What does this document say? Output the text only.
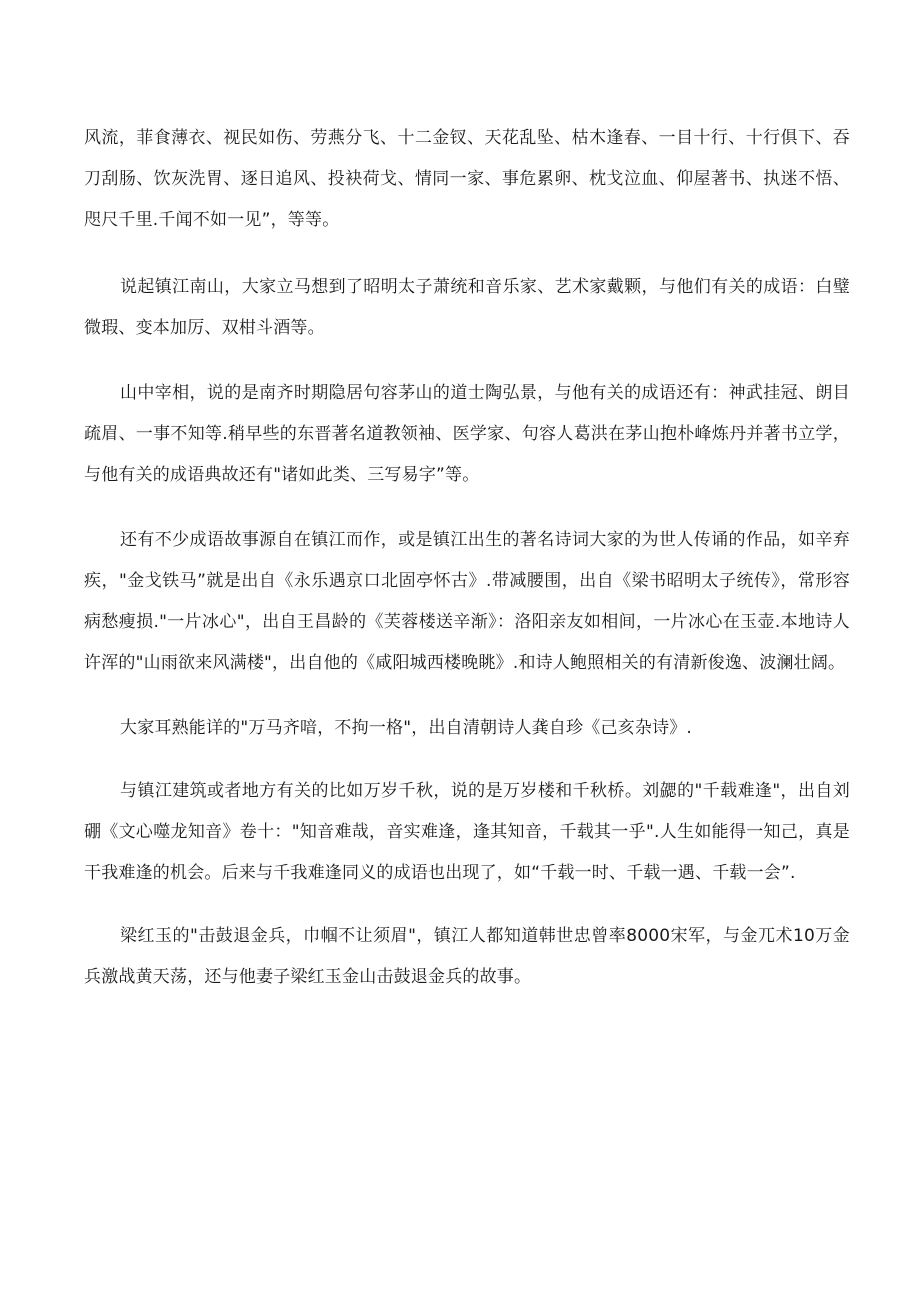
风流，菲食薄衣、视民如伤、劳燕分飞、十二金钗、天花乱坠、枯木逢春、一目十行、十行俱下、吞刀刮肠、饮灰洗胃、逐日追风、投袂荷戈、情同一家、事危累卵、枕戈泣血、仰屋著书、执迷不悟、咫尺千里.千闻不如一见”，等等。

说起镇江南山，大家立马想到了昭明太子萧统和音乐家、艺术家戴颗，与他们有关的成语：白璧微瑕、变本加厉、双柑斗酒等。

山中宰相，说的是南齐时期隐居句容茅山的道士陶弘景，与他有关的成语还有：神武挂冠、朗目疏眉、一事不知等.稍早些的东晋著名道教领袖、医学家、句容人葛洪在茅山抱朴峰炼丹并著书立学，与他有关的成语典故还有"诸如此类、三写易字”等。

还有不少成语故事源自在镇江而作，或是镇江出生的著名诗词大家的为世人传诵的作品，如辛弃疾，"金戈铁马”就是出自《永乐遇京口北固亭怀古》.带减腰围，出自《梁书昭明太子统传》，常形容病愁瘦损."一片冰心"，出自王昌龄的《芙蓉楼送辛渐》：洛阳亲友如相间，一片冰心在玉壶.本地诗人许浑的"山雨欲来风满楼"，出自他的《咸阳城西楼晚眺》.和诗人鲍照相关的有清新俊逸、波澜壮阔。

大家耳熟能详的"万马齐喑，不拘一格"，出自清朝诗人龚自珍《己亥杂诗》.

与镇江建筑或者地方有关的比如万岁千秋，说的是万岁楼和千秋桥。刘勰的"千载难逢"，出自刘硼《文心噬龙知音》卷十："知音难哉，音实难逢，逢其知音，千载其一乎".人生如能得一知己，真是干我难逢的机会。后来与千我难逢同义的成语也出现了，如“千载一时、千载一遇、千载一会”.

梁红玉的"击鼓退金兵，巾帼不让须眉"，镇江人都知道韩世忠曾率8000宋军，与金兀术10万金兵激战黄天荡，还与他妻子梁红玉金山击鼓退金兵的故事。
